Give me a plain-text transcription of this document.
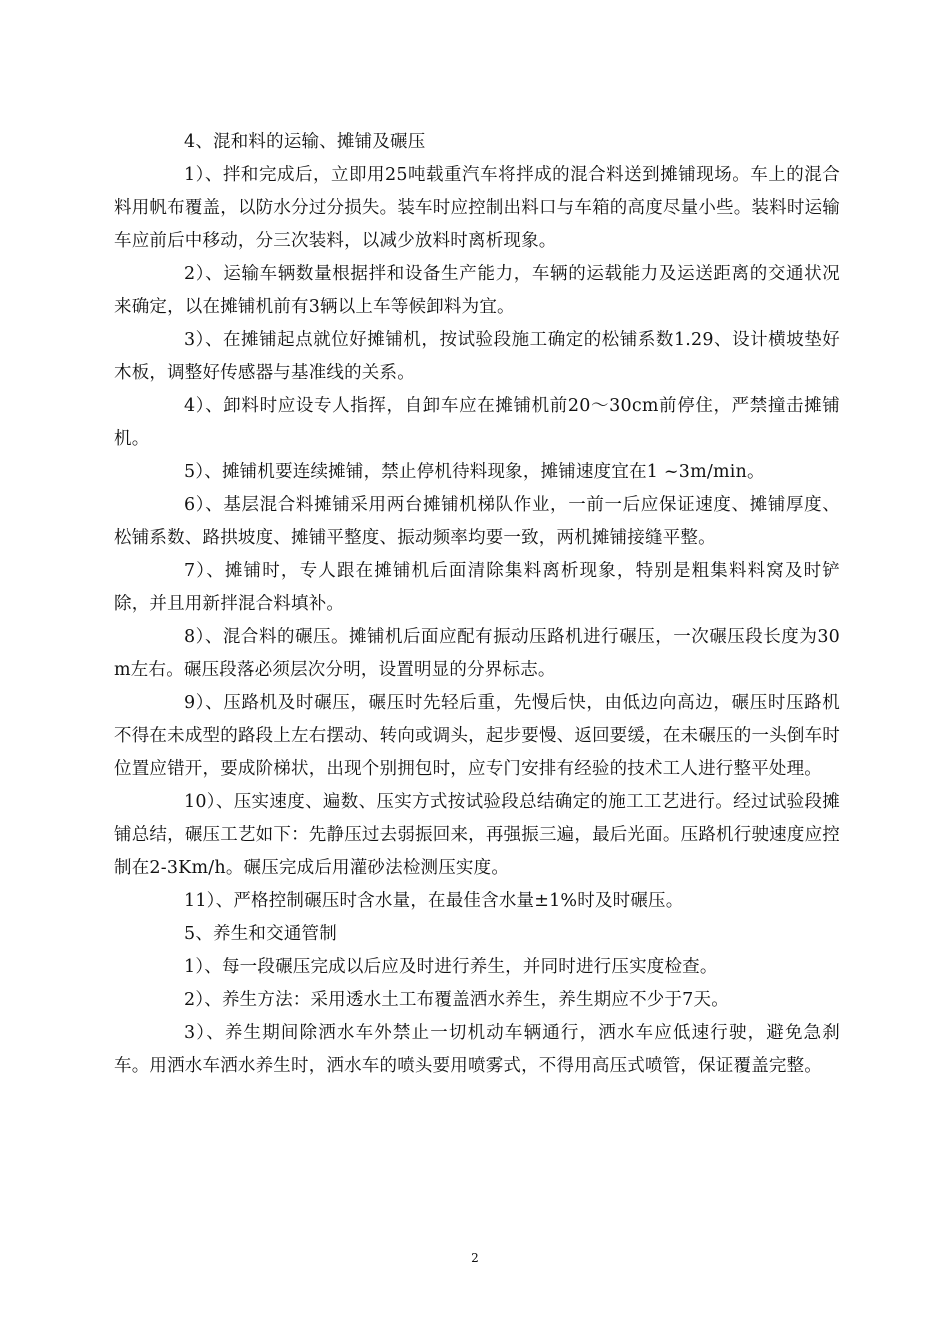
4、混和料的运输、摊铺及碾压

1）、拌和完成后，立即用25吨载重汽车将拌成的混合料送到摊铺现场。车上的混合料用帆布覆盖，以防水分过分损失。装车时应控制出料口与车箱的高度尽量小些。装料时运输车应前后中移动，分三次装料，以减少放料时离析现象。

2）、运输车辆数量根据拌和设备生产能力，车辆的运载能力及运送距离的交通状况来确定，以在摊铺机前有3辆以上车等候卸料为宜。

3）、在摊铺起点就位好摊铺机，按试验段施工确定的松铺系数1.29、设计横坡垫好木板，调整好传感器与基准线的关系。

4）、卸料时应设专人指挥，自卸车应在摊铺机前20～30cm前停住，严禁撞击摊铺机。

5）、摊铺机要连续摊铺，禁止停机待料现象，摊铺速度宜在1 ~3m/min。

6）、基层混合料摊铺采用两台摊铺机梯队作业，一前一后应保证速度、摊铺厚度、松铺系数、路拱坡度、摊铺平整度、振动频率均要一致，两机摊铺接缝平整。

7）、摊铺时，专人跟在摊铺机后面清除集料离析现象，特别是粗集料料窝及时铲除，并且用新拌混合料填补。

8）、混合料的碾压。摊铺机后面应配有振动压路机进行碾压，一次碾压段长度为30m左右。碾压段落必须层次分明，设置明显的分界标志。

9）、压路机及时碾压，碾压时先轻后重，先慢后快，由低边向高边，碾压时压路机不得在未成型的路段上左右摆动、转向或调头，起步要慢、返回要缓，在未碾压的一头倒车时位置应错开，要成阶梯状，出现个别拥包时，应专门安排有经验的技术工人进行整平处理。

10）、压实速度、遍数、压实方式按试验段总结确定的施工工艺进行。经过试验段摊铺总结，碾压工艺如下：先静压过去弱振回来，再强振三遍，最后光面。压路机行驶速度应控制在2-3Km/h。碾压完成后用灌砂法检测压实度。

11）、严格控制碾压时含水量，在最佳含水量±1%时及时碾压。

5、养生和交通管制

1）、每一段碾压完成以后应及时进行养生，并同时进行压实度检查。

2）、养生方法：采用透水土工布覆盖洒水养生，养生期应不少于7天。

3）、养生期间除洒水车外禁止一切机动车辆通行，洒水车应低速行驶，避免急刹车。用洒水车洒水养生时，洒水车的喷头要用喷雾式，不得用高压式喷管，保证覆盖完整。

2
